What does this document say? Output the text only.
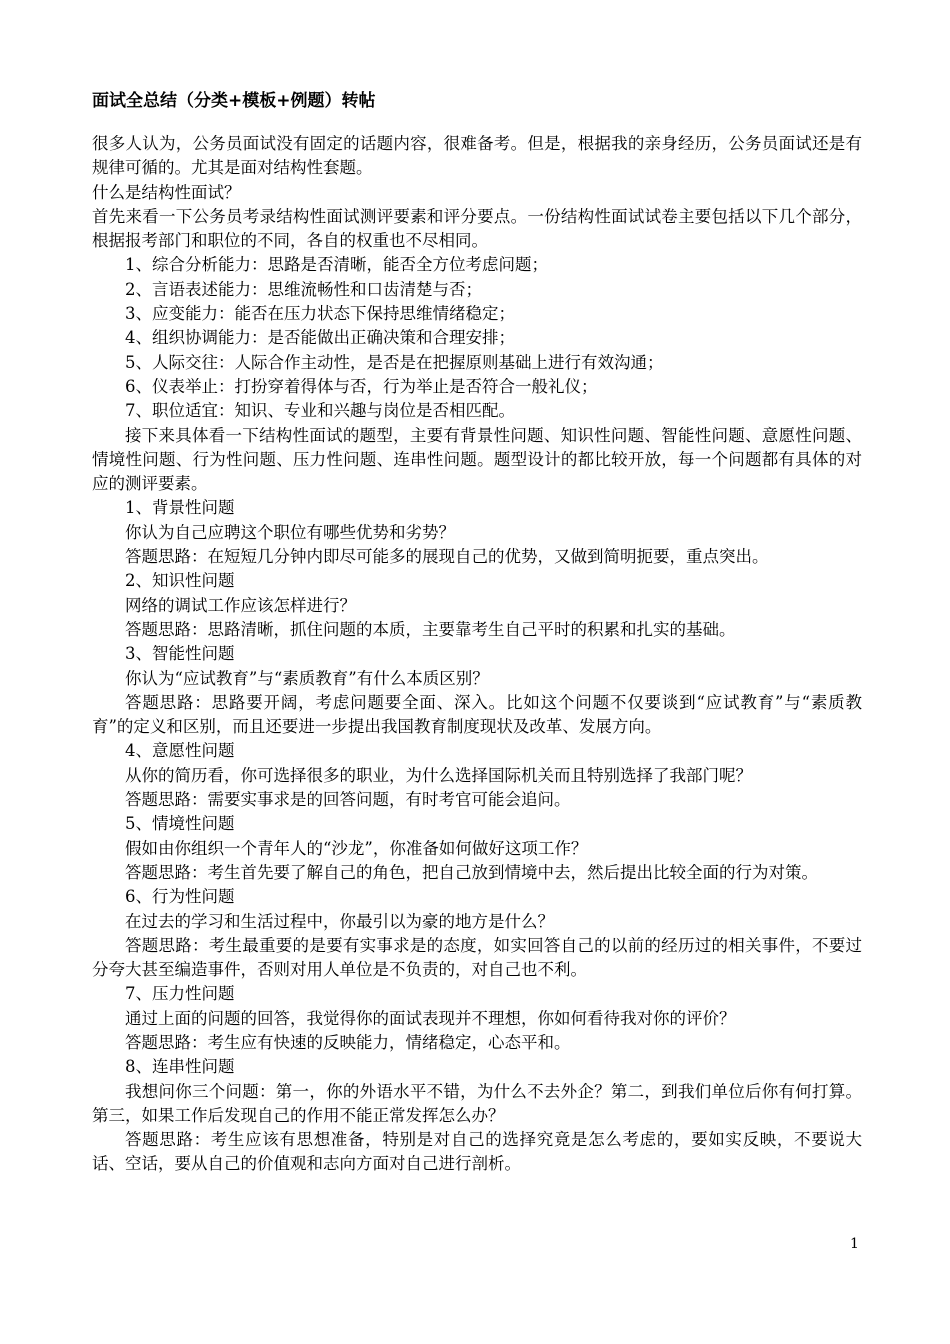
面试全总结（分类+模板+例题）转帖

很多人认为，公务员面试没有固定的话题内容，很难备考。但是，根据我的亲身经历，公务员面试还是有规律可循的。尤其是面对结构性套题。

什么是结构性面试？

首先来看一下公务员考录结构性面试测评要素和评分要点。一份结构性面试试卷主要包括以下几个部分，根据报考部门和职位的不同，各自的权重也不尽相同。

1、综合分析能力：思路是否清晰，能否全方位考虑问题；

2、言语表述能力：思维流畅性和口齿清楚与否；

3、应变能力：能否在压力状态下保持思维情绪稳定；

4、组织协调能力：是否能做出正确决策和合理安排；

5、人际交往：人际合作主动性，是否是在把握原则基础上进行有效沟通；

6、仪表举止：打扮穿着得体与否，行为举止是否符合一般礼仪；

7、职位适宜：知识、专业和兴趣与岗位是否相匹配。

接下来具体看一下结构性面试的题型，主要有背景性问题、知识性问题、智能性问题、意愿性问题、情境性问题、行为性问题、压力性问题、连串性问题。题型设计的都比较开放，每一个问题都有具体的对应的测评要素。

1、背景性问题

你认为自己应聘这个职位有哪些优势和劣势？

答题思路：在短短几分钟内即尽可能多的展现自己的优势，又做到简明扼要，重点突出。

2、知识性问题

网络的调试工作应该怎样进行？

答题思路：思路清晰，抓住问题的本质，主要靠考生自己平时的积累和扎实的基础。

3、智能性问题

你认为“应试教育”与“素质教育”有什么本质区别？

答题思路：思路要开阔，考虑问题要全面、深入。比如这个问题不仅要谈到“应试教育”与“素质教育”的定义和区别，而且还要进一步提出我国教育制度现状及改革、发展方向。

4、意愿性问题

从你的简历看，你可选择很多的职业，为什么选择国际机关而且特别选择了我部门呢？

答题思路：需要实事求是的回答问题，有时考官可能会追问。

5、情境性问题

假如由你组织一个青年人的“沙龙”，你准备如何做好这项工作？

答题思路：考生首先要了解自己的角色，把自己放到情境中去，然后提出比较全面的行为对策。

6、行为性问题

在过去的学习和生活过程中，你最引以为豪的地方是什么？

答题思路：考生最重要的是要有实事求是的态度，如实回答自己的以前的经历过的相关事件，不要过分夸大甚至编造事件，否则对用人单位是不负责的，对自己也不利。

7、压力性问题

通过上面的问题的回答，我觉得你的面试表现并不理想，你如何看待我对你的评价？

答题思路：考生应有快速的反映能力，情绪稳定，心态平和。

8、连串性问题

我想问你三个问题：第一，你的外语水平不错，为什么不去外企？第二，到我们单位后你有何打算。第三，如果工作后发现自己的作用不能正常发挥怎么办？

答题思路：考生应该有思想准备，特别是对自己的选择究竟是怎么考虑的，要如实反映，不要说大话、空话，要从自己的价值观和志向方面对自己进行剖析。

1
